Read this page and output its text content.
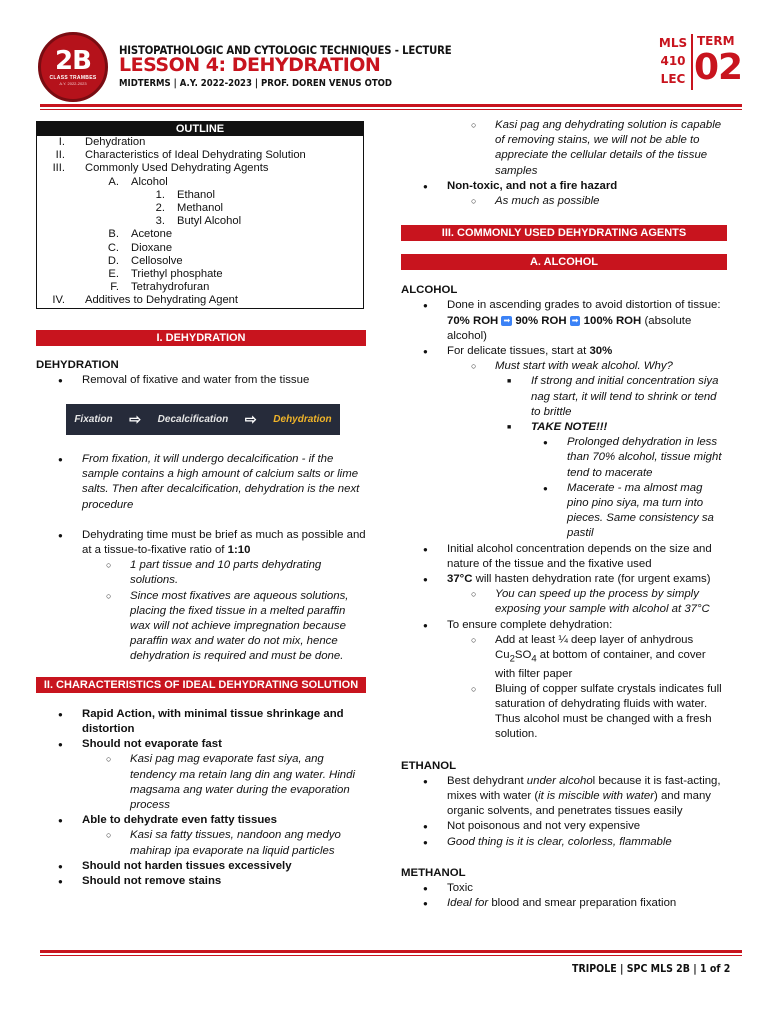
2B
CLASS TRAMBES
A.Y. 2022-2023
HISTOPATHOLOGIC AND CYTOLOGIC TECHNIQUES - LECTURE
LESSON 4: DEHYDRATION
MIDTERMS | A.Y. 2022-2023 | PROF. DOREN VENUS OTOD
MLS
410
LEC
TERM
02
OUTLINE
I.	Dehydration
II.	Characteristics of Ideal Dehydrating Solution
III.	Commonly Used Dehydrating Agents
A.	Alcohol
1.	Ethanol
2.	Methanol
3.	Butyl Alcohol
B.	Acetone
C.	Dioxane
D.	Cellosolve
E.	Triethyl phosphate
F.	Tetrahydrofuran
IV.	Additives to Dehydrating Agent
I. DEHYDRATION
DEHYDRATION
● Removal of fixative and water from the tissue
Fixation ⇨ Decalcification ⇨ Dehydration
● From fixation, it will undergo decalcification - if the sample contains a high amount of calcium salts or lime salts. Then after decalcification, dehydration is the next procedure
● Dehydrating time must be brief as much as possible and at a tissue-to-fixative ratio of 1:10
○ 1 part tissue and 10 parts dehydrating solutions.
○ Since most fixatives are aqueous solutions, placing the fixed tissue in a melted paraffin wax will not achieve impregnation because paraffin wax and water do not mix, hence dehydration is required and must be done.
II. CHARACTERISTICS OF IDEAL DEHYDRATING SOLUTION
● Rapid Action, with minimal tissue shrinkage and distortion
● Should not evaporate fast
○ Kasi pag mag evaporate fast siya, ang tendency ma retain lang din ang water. Hindi magsama ang water during the evaporation process
● Able to dehydrate even fatty tissues
○ Kasi sa fatty tissues, nandoon ang medyo mahirap ipa evaporate na liquid particles
● Should not harden tissues excessively
● Should not remove stains
○ Kasi pag ang dehydrating solution is capable of removing stains, we will not be able to appreciate the cellular details of the tissue samples
● Non-toxic, and not a fire hazard
○ As much as possible
III. COMMONLY USED DEHYDRATING AGENTS
A. ALCOHOL
ALCOHOL
● Done in ascending grades to avoid distortion of tissue: 70% ROH ➡ 90% ROH ➡ 100% ROH (absolute alcohol)
● For delicate tissues, start at 30%
○ Must start with weak alcohol. Why?
■ If strong and initial concentration siya nag start, it will tend to shrink or tend to brittle
■ TAKE NOTE!!!
● Prolonged dehydration in less than 70% alcohol, tissue might tend to macerate
● Macerate - ma almost mag pino pino siya, ma turn into pieces. Same consistency sa pastil
● Initial alcohol concentration depends on the size and nature of the tissue and the fixative used
● 37°C will hasten dehydration rate (for urgent exams)
○ You can speed up the process by simply exposing your sample with alcohol at 37°C
● To ensure complete dehydration:
○ Add at least ¼ deep layer of anhydrous $Cu_2SO_4$ at bottom of container, and cover with filter paper
○ Bluing of copper sulfate crystals indicates full saturation of dehydrating fluids with water. Thus alcohol must be changed with a fresh solution.
ETHANOL
● Best dehydrant under alcohol because it is fast-acting, mixes with water (it is miscible with water) and many organic solvents, and penetrates tissues easily
● Not poisonous and not very expensive
● Good thing is it is clear, colorless, flammable
METHANOL
● Toxic
● Ideal for blood and smear preparation fixation
TRIPOLE | SPC MLS 2B | 1 of 2
